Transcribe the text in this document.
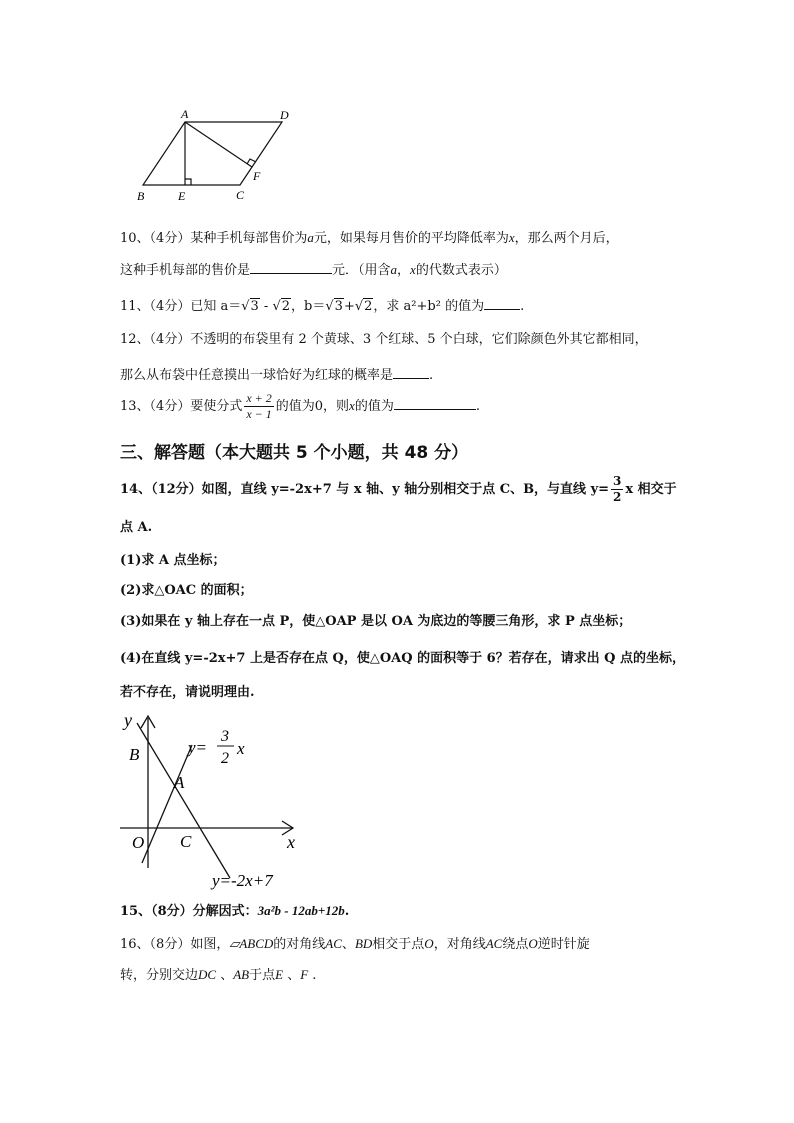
A	D
B	E	C
F
10、（4分）某种手机每部售价为a元，如果每月售价的平均降低率为x，那么两个月后，
这种手机每部的售价是	元．（用含a，x的代数式表示）
11、（4分）已知 a＝√3 - √2，b＝√3+√2，求 a²+b² 的值为	.
12、（4分）不透明的布袋里有 2 个黄球、3 个红球、5 个白球，它们除颜色外其它都相同，
那么从布袋中任意摸出一球恰好为红球的概率是	.
13、（4分）要使分式 $\frac{x + 2}{x - 1}$ 的值为0，则x的值为	.
三、解答题（本大题共 5 个小题，共 48 分）
14、（12分）如图，直线 y=-2x+7 与 x 轴、y 轴分别相交于点 C、B，与直线 $y= \frac{3}{2}$ x 相交于
点 A.
(1)求 A 点坐标；
(2)求△OAC 的面积；
(3)如果在 y 轴上存在一点 P，使△OAP 是以 OA 为底边的等腰三角形，求 P 点坐标；
(4)在直线 y=-2x+7 上是否存在点 Q，使△OAQ 的面积等于 6？若存在，请求出 Q 点的坐标，
若不存在，请说明理由.
y
x
B
A
O C
y=
3
2
x
y=-2x+7
15、（8分）分解因式：3a²b - 12ab+12b.
16、（8分）如图，▱ABCD的对角线AC、BD相交于点O，对角线AC绕点O逆时针旋
转，分别交边DC 、AB于点E 、F .
